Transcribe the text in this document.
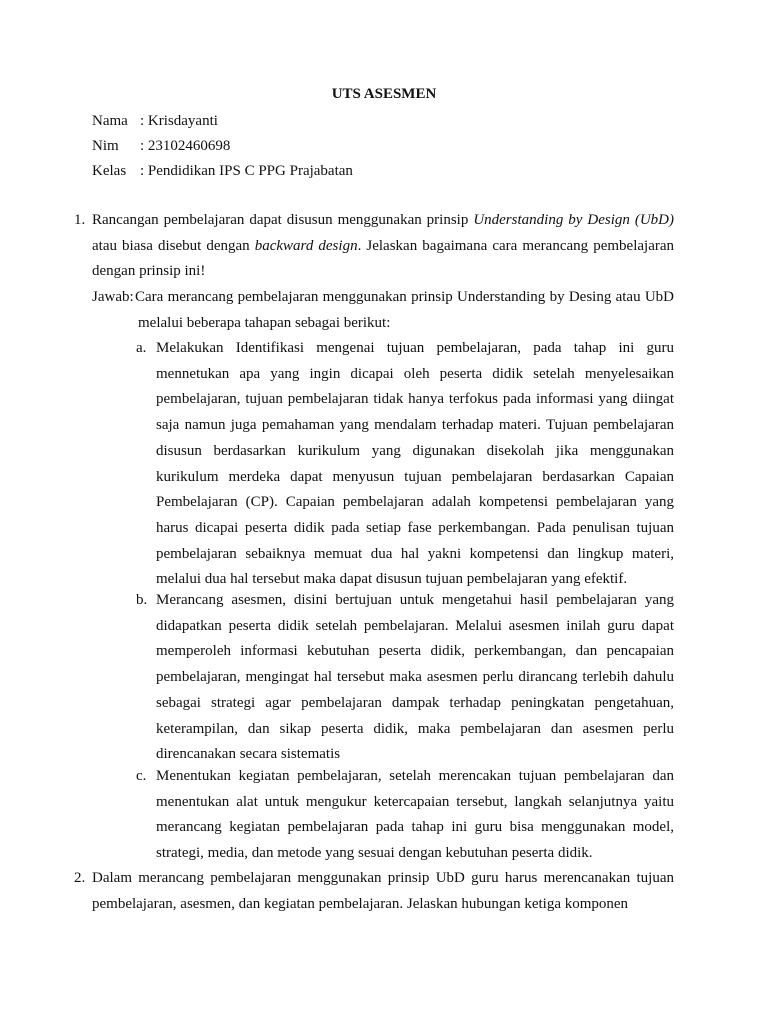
UTS ASESMEN
Nama : Krisdayanti
Nim : 23102460698
Kelas : Pendidikan IPS C PPG Prajabatan
1. Rancangan pembelajaran dapat disusun menggunakan prinsip Understanding by Design (UbD) atau biasa disebut dengan backward design. Jelaskan bagaimana cara merancang pembelajaran dengan prinsip ini!

Jawab: Cara merancang pembelajaran menggunakan prinsip Understanding by Desing atau UbD melalui beberapa tahapan sebagai berikut:

a. Melakukan Identifikasi mengenai tujuan pembelajaran, pada tahap ini guru mennetukan apa yang ingin dicapai oleh peserta didik setelah menyelesaikan pembelajaran, tujuan pembelajaran tidak hanya terfokus pada informasi yang diingat saja namun juga pemahaman yang mendalam terhadap materi. Tujuan pembelajaran disusun berdasarkan kurikulum yang digunakan disekolah jika menggunakan kurikulum merdeka dapat menyusun tujuan pembelajaran berdasarkan Capaian Pembelajaran (CP). Capaian pembelajaran adalah kompetensi pembelajaran yang harus dicapai peserta didik pada setiap fase perkembangan. Pada penulisan tujuan pembelajaran sebaiknya memuat dua hal yakni kompetensi dan lingkup materi, melalui dua hal tersebut maka dapat disusun tujuan pembelajaran yang efektif.

b. Merancang asesmen, disini bertujuan untuk mengetahui hasil pembelajaran yang didapatkan peserta didik setelah pembelajaran. Melalui asesmen inilah guru dapat memperoleh informasi kebutuhan peserta didik, perkembangan, dan pencapaian pembelajaran, mengingat hal tersebut maka asesmen perlu dirancang terlebih dahulu sebagai strategi agar pembelajaran dampak terhadap peningkatan pengetahuan, keterampilan, dan sikap peserta didik, maka pembelajaran dan asesmen perlu direncanakan secara sistematis

c. Menentukan kegiatan pembelajaran, setelah merencakan tujuan pembelajaran dan menentukan alat untuk mengukur ketercapaian tersebut, langkah selanjutnya yaitu merancang kegiatan pembelajaran pada tahap ini guru bisa menggunakan model, strategi, media, dan metode yang sesuai dengan kebutuhan peserta didik.

2. Dalam merancang pembelajaran menggunakan prinsip UbD guru harus merencanakan tujuan pembelajaran, asesmen, dan kegiatan pembelajaran. Jelaskan hubungan ketiga komponen
